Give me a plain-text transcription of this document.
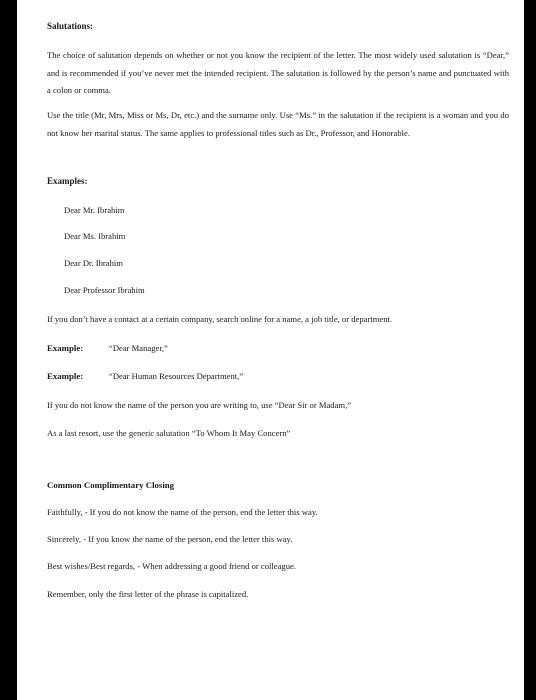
Salutations:
The choice of salutation depends on whether or not you know the recipient of the letter. The most widely used salutation is “Dear,” and is recommended if you’ve never met the intended recipient. The salutation is followed by the person’s name and punctuated with a colon or comma.
Use the title (Mr, Mrs, Miss or Ms, Dr, etc.) and the surname only. Use “Ms.” in the salutation if the recipient is a woman and you do not know her marital status. The same applies to professional titles such as Dr., Professor, and Honorable.
Examples:
Dear Mr. Ibrahim
Dear Ms. Ibrahim
Dear Dr. Ibrahim
Dear Professor Ibrahim
If you don’t have a contact at a certain company, search online for a name, a job title, or department.
Example:	“Dear Manager,”
Example:	“Dear Human Resources Department,”
If you do not know the name of the person you are writing to, use “Dear Sir or Madam,”
As a last resort, use the generic salutation “To Whom It May Concern”
Common Complimentary Closing
Faithfully, - If you do not know the name of the person, end the letter this way.
Sincerely, - If you know the name of the person, end the letter this way.
Best wishes/Best regards, - When addressing a good friend or colleague.
Remember, only the first letter of the phrase is capitalized.
